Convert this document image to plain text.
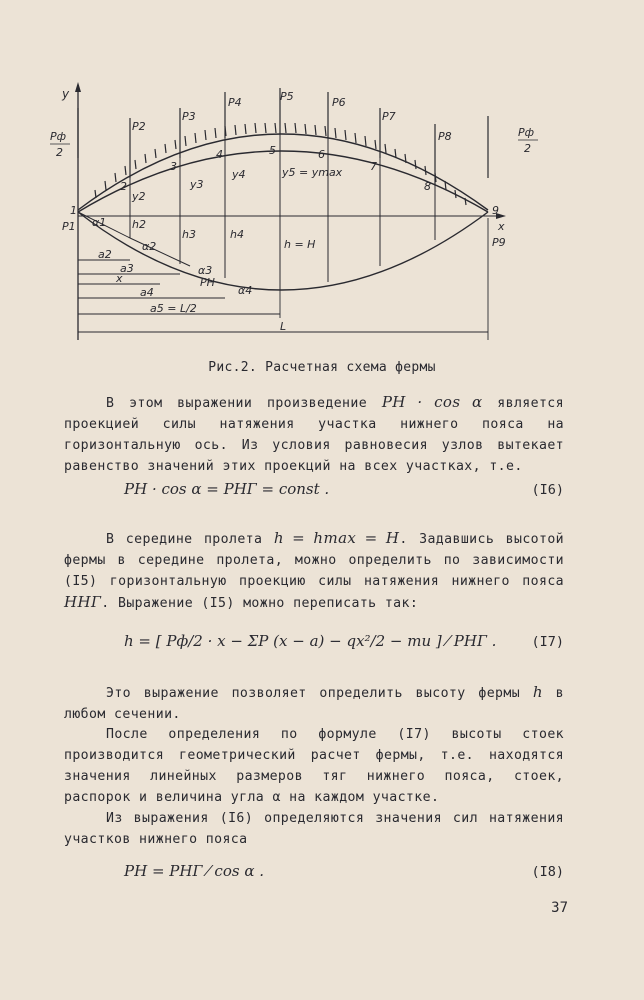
y
x
Pф
2
Pф
2
P2
P3
P4	P5	P6
P7
P8
1
2
3
4	5	6
7
8
9
P1
P9
y2
y3
y4	y5 = ymax
h2
h3	h4
h = H
α1
α2
α3
α4
PН
a2
a3
x
a4
a5 = L/2
L
Рис.2. Расчетная схема фермы
В этом выражении произведение PН · cos α является проекцией силы натяжения участка нижнего пояса на горизонтальную ось. Из условия равновесия узлов вытекает равенство значений этих проекций на всех участках, т.е.
PН · cos α = PНГ = const .	(I6)
В середине пролета h = hmax = H. Задавшись высотой фермы в середине пролета, можно определить по зависимости (I5) горизонтальную проекцию силы натяжения нижнего пояса HНГ. Выражение (I5) можно переписать так:
h = [ Pф/2 · x − ΣP (x − a) − qx²/2 − mи ] ⁄ PНГ .	(I7)
Это выражение позволяет определить высоту фермы h в любом сечении.
После определения по формуле (I7) высоты стоек производится геометрический расчет фермы, т.е. находятся значения линейных размеров тяг нижнего пояса, стоек, распорок и величина угла α на каждом участке.
Из выражения (I6) определяются значения сил натяжения участков нижнего пояса
PН = PНГ ⁄ cos α .	(I8)
37
